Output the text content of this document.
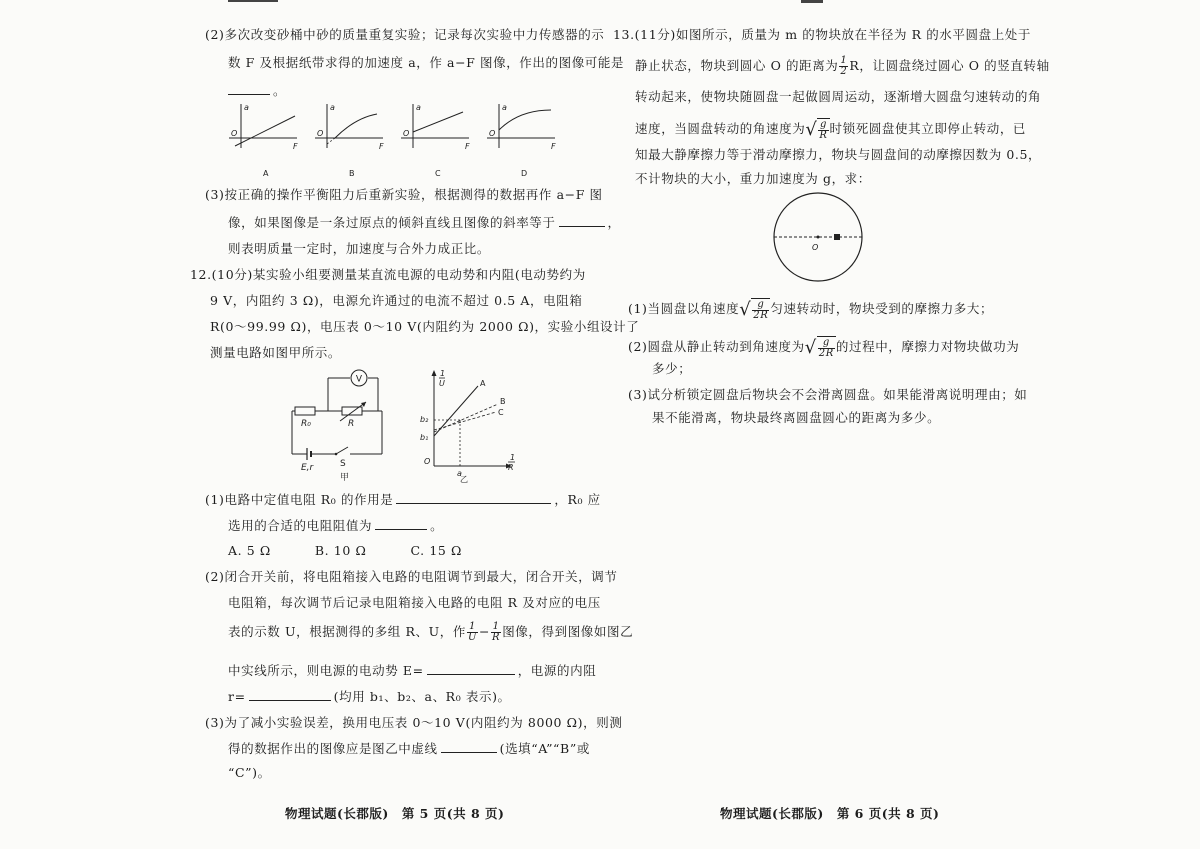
(2)多次改变砂桶中砂的质量重复实验；记录每次实验中力传感器的示
数 F 及根据纸带求得的加速度 a，作 a−F 图像，作出的图像可能是
。
a
F
O
A
a
F
O
B
a
F
O
C
a
F
O
D
(3)按正确的操作平衡阻力后重新实验，根据测得的数据再作 a−F 图
像，如果图像是一条过原点的倾斜直线且图像的斜率等于	，
则表明质量一定时，加速度与合外力成正比。
12.(10分)某实验小组要测量某直流电源的电动势和内阻(电动势约为
9 V，内阻约 3 Ω)，电源允许通过的电流不超过 0.5 A，电阻箱
R(0～99.99 Ω)，电压表 0～10 V(内阻约为 2000 Ω)，实验小组设计了
测量电路如图甲所示。
V
R₀	R
E,r	S
甲
1
U
1
R
O
b₂
b₁
A
B
C
a
乙
(1)电路中定值电阻 R₀ 的作用是	，R₀ 应
选用的合适的电阻阻值为	。
A. 5 Ω	B. 10 Ω	C. 15 Ω
(2)闭合开关前，将电阻箱接入电路的电阻调节到最大，闭合开关，调节
电阻箱，每次调节后记录电阻箱接入电路的电阻 R 及对应的电压
表的示数 U，根据测得的多组 R、U，作 $\frac{1}{U} - \frac{1}{R}$ 图像，得到图像如图乙
中实线所示，则电源的电动势 E=	，电源的内阻
r=	(均用 b₁、b₂、a、R₀ 表示)。
(3)为了减小实验误差，换用电压表 0～10 V(内阻约为 8000 Ω)，则测
得的数据作出的图像应是图乙中虚线	(选填“A”“B”或
“C”)。
物理试题(长郡版)　第 5 页(共 8 页)
13.(11分)如图所示，质量为 m 的物块放在半径为 R 的水平圆盘上处于
静止状态，物块到圆心 O 的距离为 $\frac{1}{2}$ R，让圆盘绕过圆心 O 的竖直转轴
转动起来，使物块随圆盘一起做圆周运动，逐渐增大圆盘匀速转动的角
速度，当圆盘转动的角速度为 √ $\frac{g}{R}$ 时锁死圆盘使其立即停止转动，已
知最大静摩擦力等于滑动摩擦力，物块与圆盘间的动摩擦因数为 0.5，
不计物块的大小，重力加速度为 g，求：
O
(1)当圆盘以角速度 √ $\frac{g}{2R}$ 匀速转动时，物块受到的摩擦力多大；
(2)圆盘从静止转动到角速度为 √ $\frac{g}{2R}$ 的过程中，摩擦力对物块做功为
多少；
(3)试分析锁定圆盘后物块会不会滑离圆盘。如果能滑离说明理由；如
果不能滑离，物块最终离圆盘圆心的距离为多少。
物理试题(长郡版)　第 6 页(共 8 页)
